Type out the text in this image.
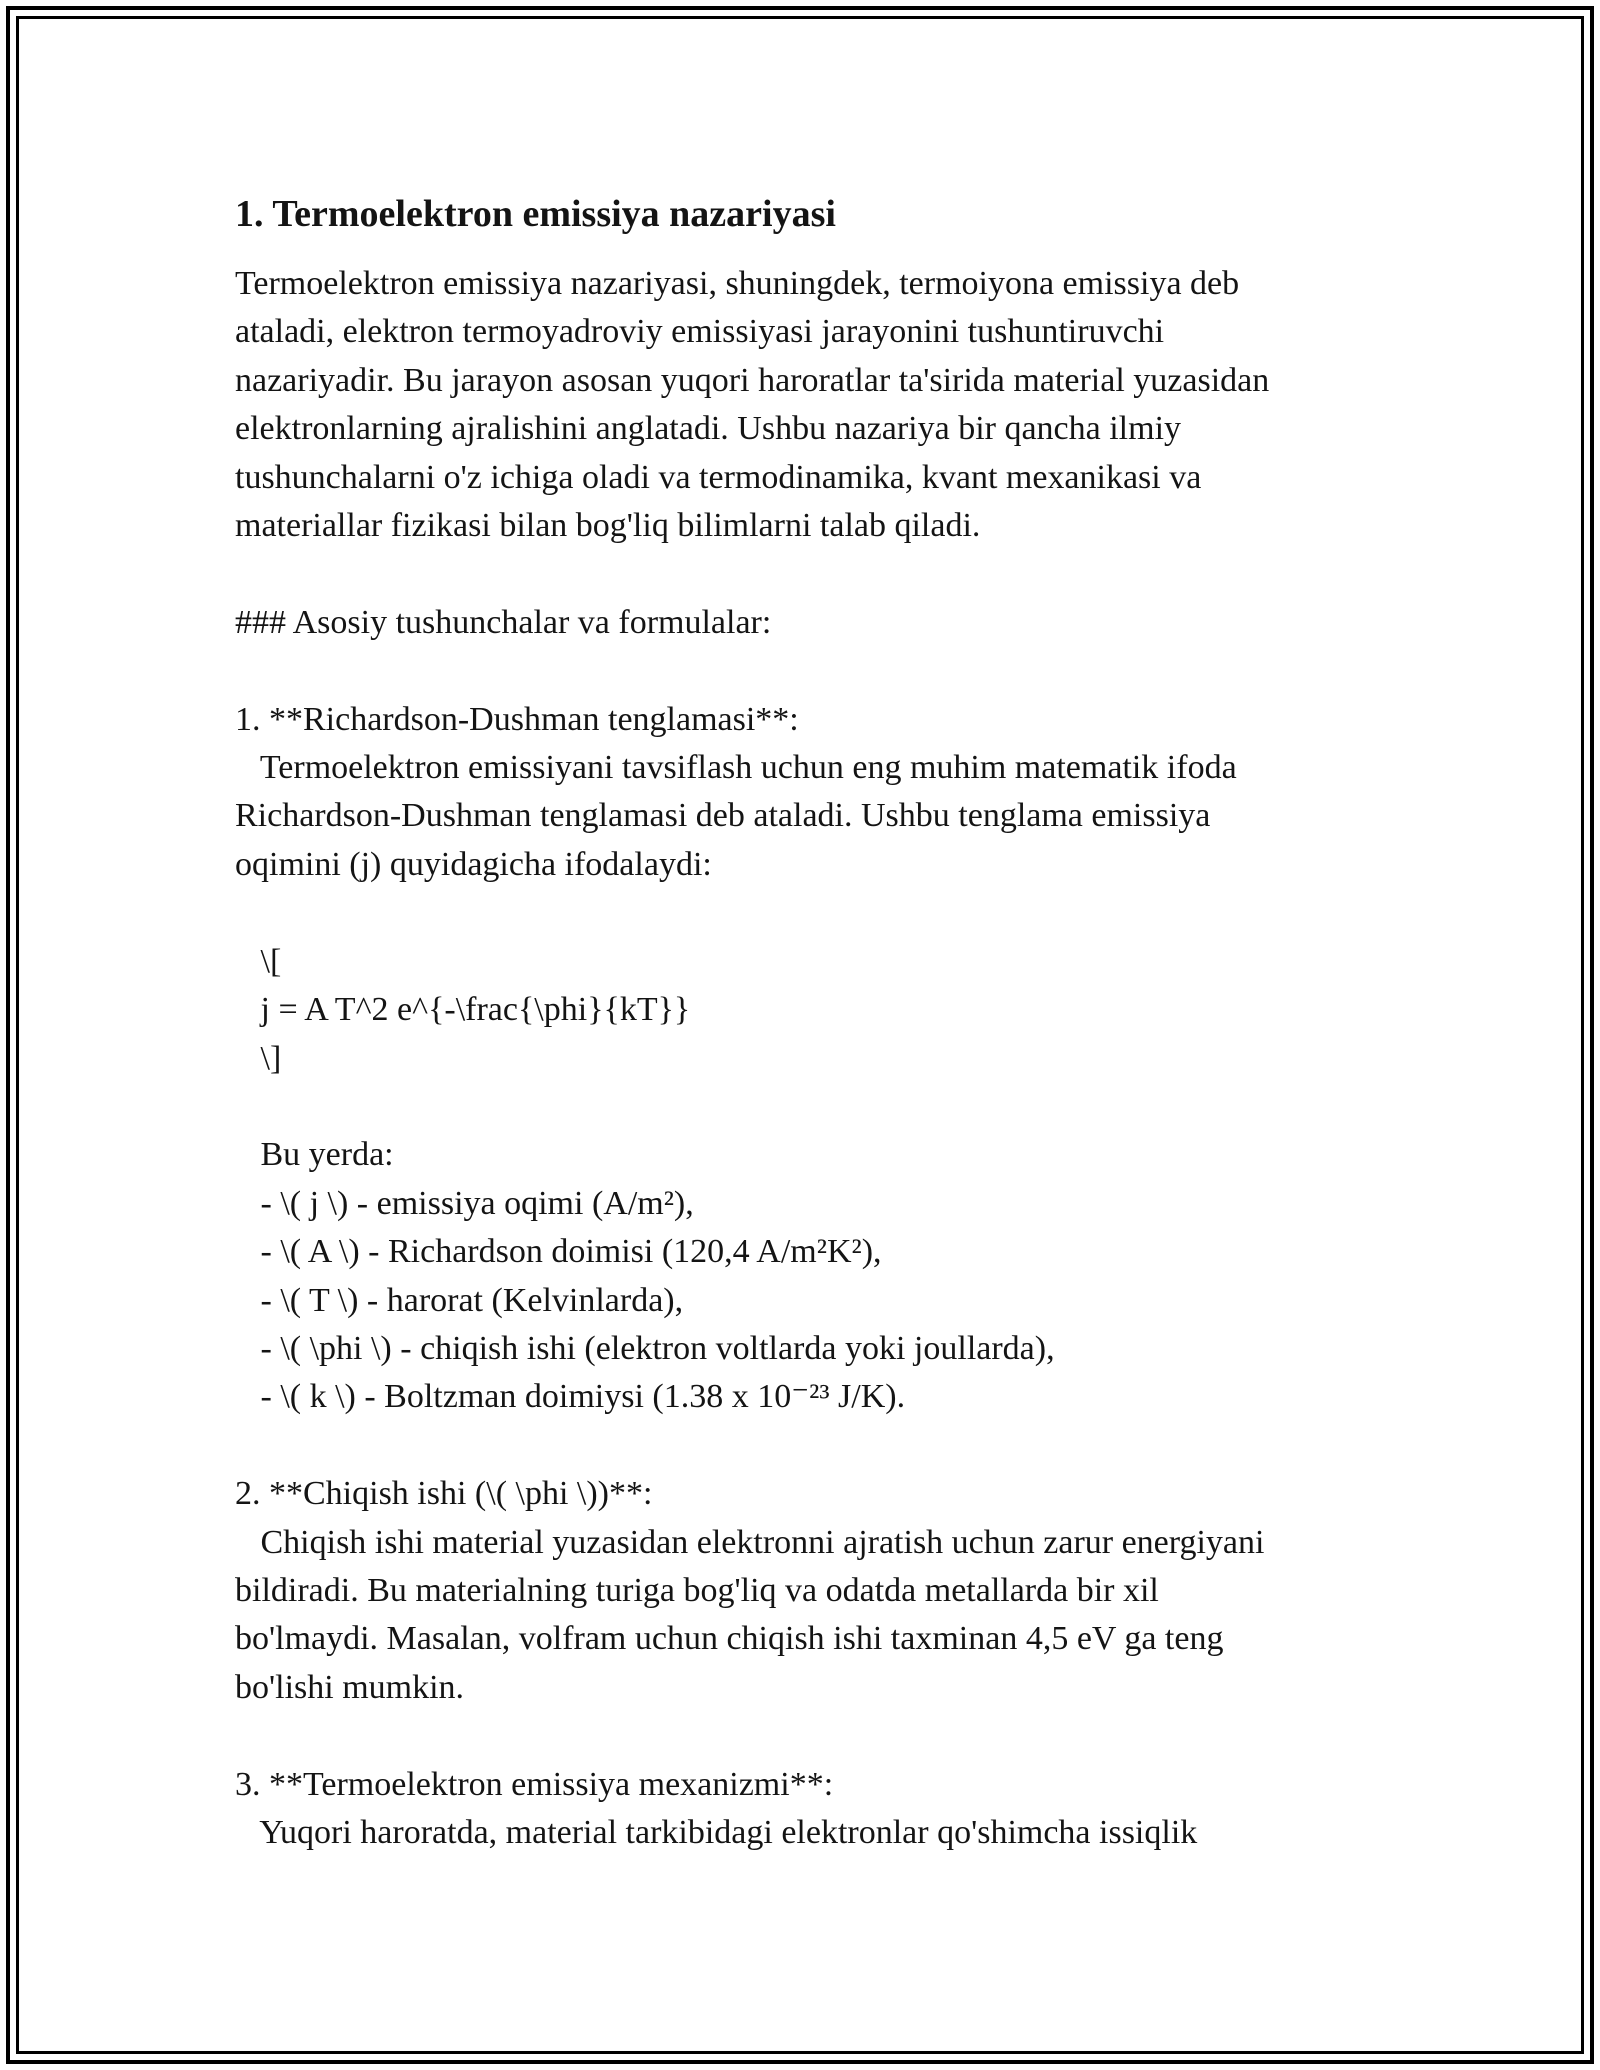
1. Termoelektron emissiya nazariyasi

Termoelektron emissiya nazariyasi, shuningdek, termoiyona emissiya deb

ataladi, elektron termoyadroviy emissiyasi jarayonini tushuntiruvchi

nazariyadir. Bu jarayon asosan yuqori haroratlar ta'sirida material yuzasidan

elektronlarning ajralishini anglatadi. Ushbu nazariya bir qancha ilmiy

tushunchalarni o'z ichiga oladi va termodinamika, kvant mexanikasi va

materiallar fizikasi bilan bog'liq bilimlarni talab qiladi.

### Asosiy tushunchalar va formulalar:

1. **Richardson-Dushman tenglamasi**:

Termoelektron emissiyani tavsiflash uchun eng muhim matematik ifoda

Richardson-Dushman tenglamasi deb ataladi. Ushbu tenglama emissiya

oqimini (j) quyidagicha ifodalaydi:

\[

j = A T^2 e^{-\frac{\phi}{kT}}

\]

Bu yerda:

- \( j \) - emissiya oqimi (A/m²),

- \( A \) - Richardson doimisi (120,4 A/m²K²),

- \( T \) - harorat (Kelvinlarda),

- \( \phi \) - chiqish ishi (elektron voltlarda yoki joullarda),

- \( k \) - Boltzman doimiysi (1.38 x 10⁻²³ J/K).

2. **Chiqish ishi (\( \phi \))**:

Chiqish ishi material yuzasidan elektronni ajratish uchun zarur energiyani

bildiradi. Bu materialning turiga bog'liq va odatda metallarda bir xil

bo'lmaydi. Masalan, volfram uchun chiqish ishi taxminan 4,5 eV ga teng

bo'lishi mumkin.

3. **Termoelektron emissiya mexanizmi**:

Yuqori haroratda, material tarkibidagi elektronlar qo'shimcha issiqlik
